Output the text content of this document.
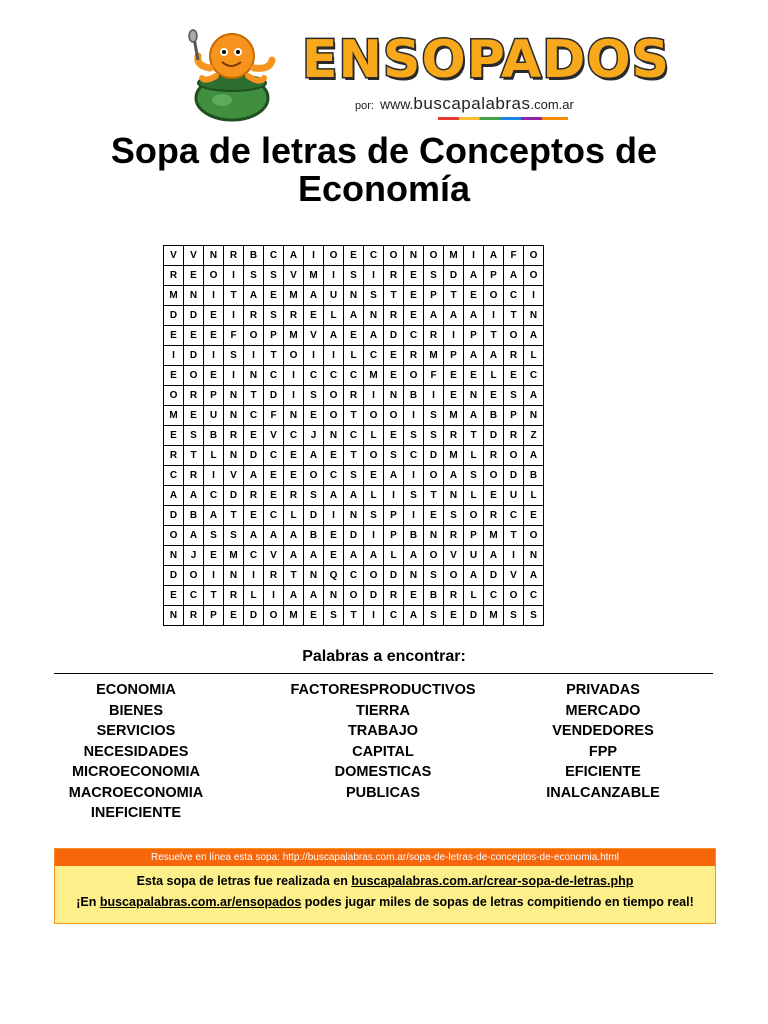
ENSOPADOS
por: www.buscapalabras.com.ar
Sopa de letras de Conceptos de Economía
V	V	N	R	B	C	A	I	O	E	C	O	N	O	M	I	A	F	O
R	E	O	I	S	S	V	M	I	S	I	R	E	S	D	A	P	A	O
M	N	I	T	A	E	M	A	U	N	S	T	E	P	T	E	O	C	I
D	D	E	I	R	S	R	E	L	A	N	R	E	A	A	A	I	T	N
E	E	E	F	O	P	M	V	A	E	A	D	C	R	I	P	T	O	A
I	D	I	S	I	T	O	I	I	L	C	E	R	M	P	A	A	R	L
E	O	E	I	N	C	I	C	C	C	M	E	O	F	E	E	L	E	C
O	R	P	N	T	D	I	S	O	R	I	N	B	I	E	N	E	S	A
M	E	U	N	C	F	N	E	O	T	O	O	I	S	M	A	B	P	N
E	S	B	R	E	V	C	J	N	C	L	E	S	S	R	T	D	R	Z
R	T	L	N	D	C	E	A	E	T	O	S	C	D	M	L	R	O	A
C	R	I	V	A	E	E	O	C	S	E	A	I	O	A	S	O	D	B
A	A	C	D	R	E	R	S	A	A	L	I	S	T	N	L	E	U	L
D	B	A	T	E	C	L	D	I	N	S	P	I	E	S	O	R	C	E
O	A	S	S	A	A	A	B	E	D	I	P	B	N	R	P	M	T	O
N	J	E	M	C	V	A	A	E	A	A	L	A	O	V	U	A	I	N
D	O	I	N	I	R	T	N	Q	C	O	D	N	S	O	A	D	V	A
E	C	T	R	L	I	A	A	N	O	D	R	E	B	R	L	C	O	C
N	R	P	E	D	O	M	E	S	T	I	C	A	S	E	D	M	S	S
Palabras a encontrar:
ECONOMIA
BIENES
SERVICIOS
NECESIDADES
MICROECONOMIA
MACROECONOMIA
INEFICIENTE
FACTORESPRODUCTIVOS
TIERRA
TRABAJO
CAPITAL
DOMESTICAS
PUBLICAS
PRIVADAS
MERCADO
VENDEDORES
FPP
EFICIENTE
INALCANZABLE
Resuelve en línea esta sopa: http://buscapalabras.com.ar/sopa-de-letras-de-conceptos-de-economia.html
Esta sopa de letras fue realizada en buscapalabras.com.ar/crear-sopa-de-letras.php
¡En buscapalabras.com.ar/ensopados podes jugar miles de sopas de letras compitiendo en tiempo real!
